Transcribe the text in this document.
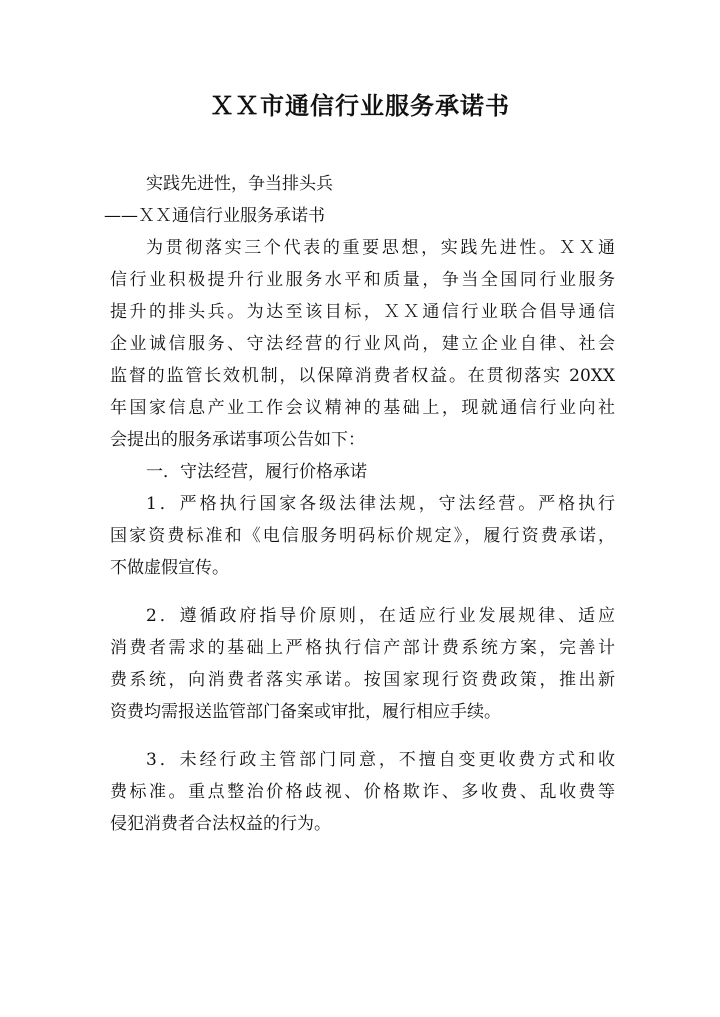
ＸＸ市通信行业服务承诺书
实践先进性，争当排头兵
——ＸＸ通信行业服务承诺书
为贯彻落实三个代表的重要思想，实践先进性。ＸＸ通
信行业积极提升行业服务水平和质量，争当全国同行业服务
提升的排头兵。为达至该目标，ＸＸ通信行业联合倡导通信
企业诚信服务、守法经营的行业风尚，建立企业自律、社会
监督的监管长效机制，以保障消费者权益。在贯彻落实 20XX
年国家信息产业工作会议精神的基础上，现就通信行业向社
会提出的服务承诺事项公告如下：
一．守法经营，履行价格承诺
1．严格执行国家各级法律法规，守法经营。严格执行
国家资费标准和《电信服务明码标价规定》，履行资费承诺，
不做虚假宣传。
2．遵循政府指导价原则，在适应行业发展规律、适应
消费者需求的基础上严格执行信产部计费系统方案，完善计
费系统，向消费者落实承诺。按国家现行资费政策，推出新
资费均需报送监管部门备案或审批，履行相应手续。
3．未经行政主管部门同意，不擅自变更收费方式和收
费标准。重点整治价格歧视、价格欺诈、多收费、乱收费等
侵犯消费者合法权益的行为。
